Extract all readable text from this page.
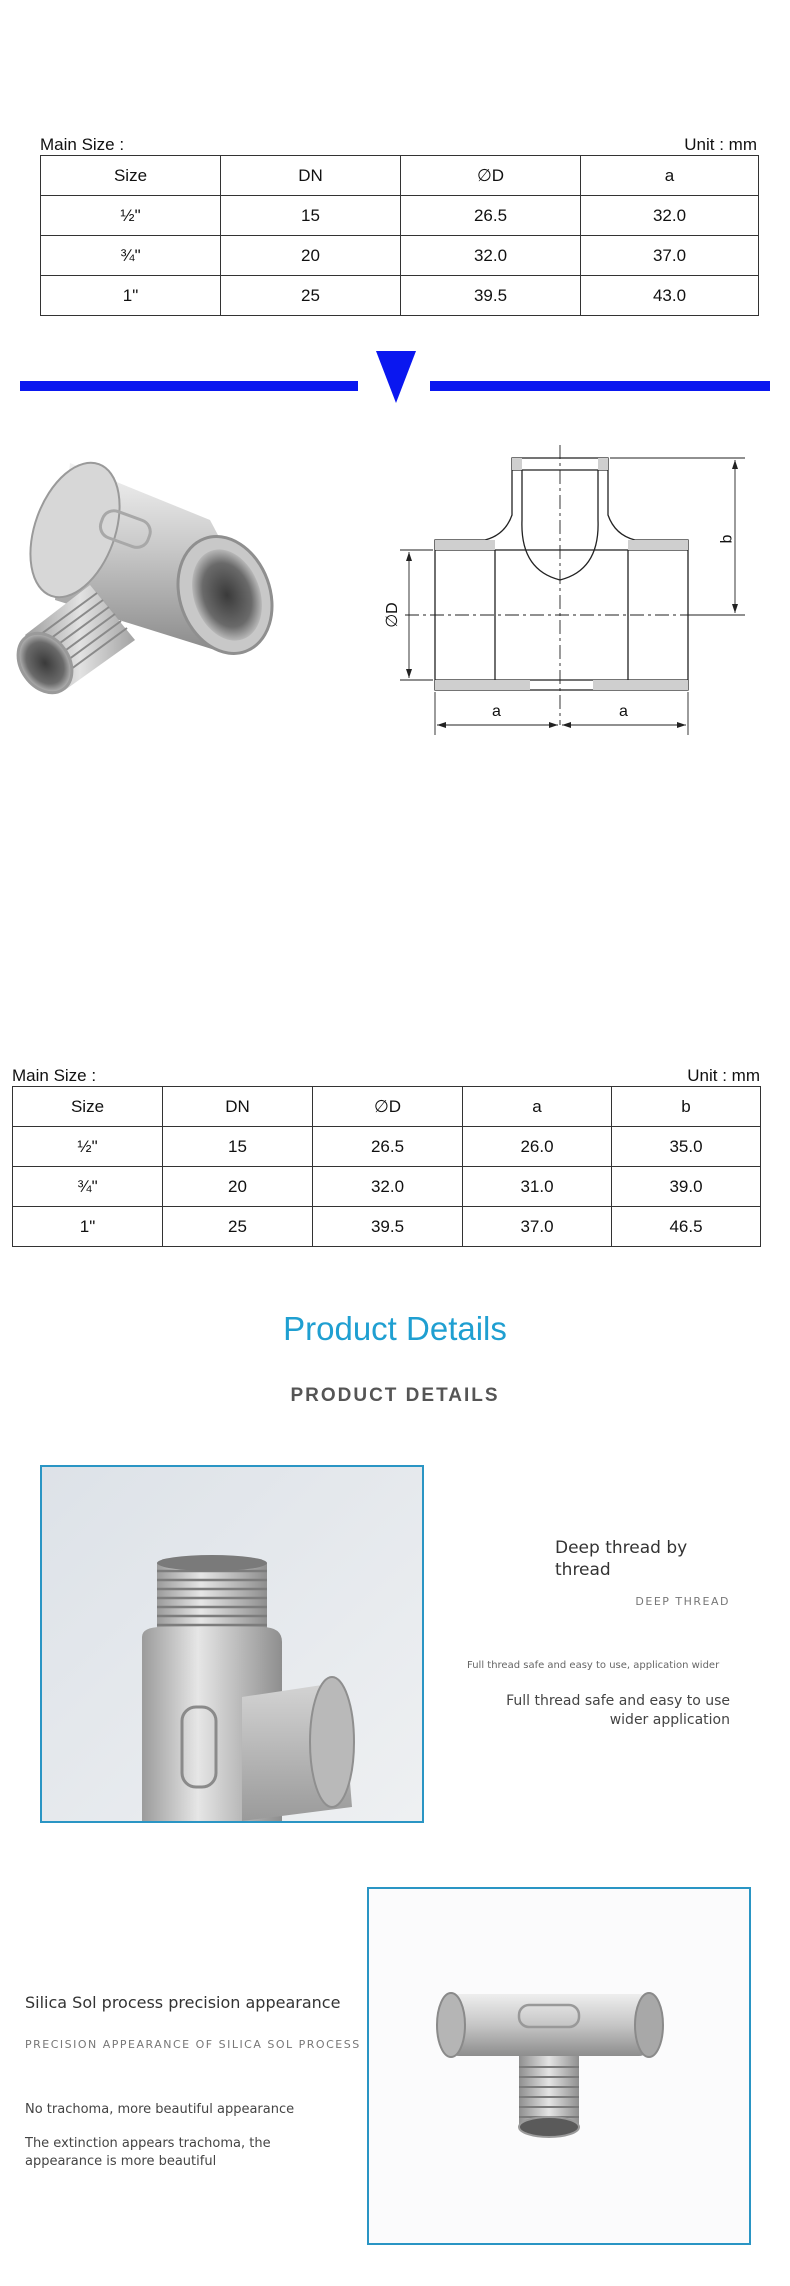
Main Size :	Unit : mm
Size	DN	∅D	a
½"	15	26.5	32.0
¾"	20	32.0	37.0
1"	25	39.5	43.0
∅D
b
a	a
Main Size :	Unit : mm
Size	DN	∅D	a	b
½"	15	26.5	26.0	35.0
¾"	20	32.0	31.0	39.0
1"	25	39.5	37.0	46.5
Product Details
PRODUCT DETAILS
Deep thread by thread
DEEP THREAD
Full thread safe and easy to use, application wider
Full thread safe and easy to use wider application
Silica Sol process precision appearance
PRECISION APPEARANCE OF SILICA SOL PROCESS
No trachoma, more beautiful appearance
The extinction appears trachoma, the appearance is more beautiful
